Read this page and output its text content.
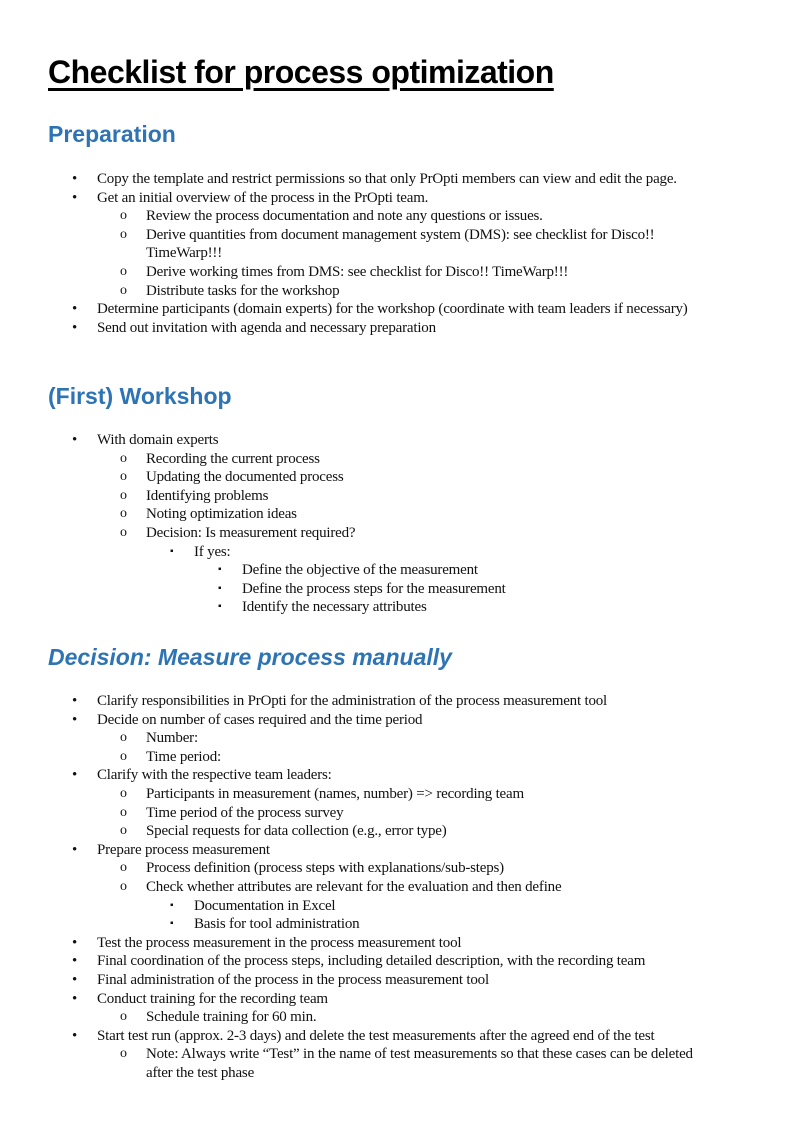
Checklist for process optimization
Preparation
• Copy the template and restrict permissions so that only PrOpti members can view and edit the page.
• Get an initial overview of the process in the PrOpti team.
o Review the process documentation and note any questions or issues.
o Derive quantities from document management system (DMS): see checklist for Disco!! TimeWarp!!!
o Derive working times from DMS: see checklist for Disco!! TimeWarp!!!
o Distribute tasks for the workshop
• Determine participants (domain experts) for the workshop (coordinate with team leaders if necessary)
• Send out invitation with agenda and necessary preparation
(First) Workshop
• With domain experts
o Recording the current process
o Updating the documented process
o Identifying problems
o Noting optimization ideas
o Decision: Is measurement required?
▪ If yes:
▪ Define the objective of the measurement
▪ Define the process steps for the measurement
▪ Identify the necessary attributes
Decision: Measure process manually
• Clarify responsibilities in PrOpti for the administration of the process measurement tool
• Decide on number of cases required and the time period
o Number:
o Time period:
• Clarify with the respective team leaders:
o Participants in measurement (names, number) => recording team
o Time period of the process survey
o Special requests for data collection (e.g., error type)
• Prepare process measurement
o Process definition (process steps with explanations/sub-steps)
o Check whether attributes are relevant for the evaluation and then define
▪ Documentation in Excel
▪ Basis for tool administration
• Test the process measurement in the process measurement tool
• Final coordination of the process steps, including detailed description, with the recording team
• Final administration of the process in the process measurement tool
• Conduct training for the recording team
o Schedule training for 60 min.
• Start test run (approx. 2-3 days) and delete the test measurements after the agreed end of the test
o Note: Always write “Test” in the name of test measurements so that these cases can be deleted after the test phase
